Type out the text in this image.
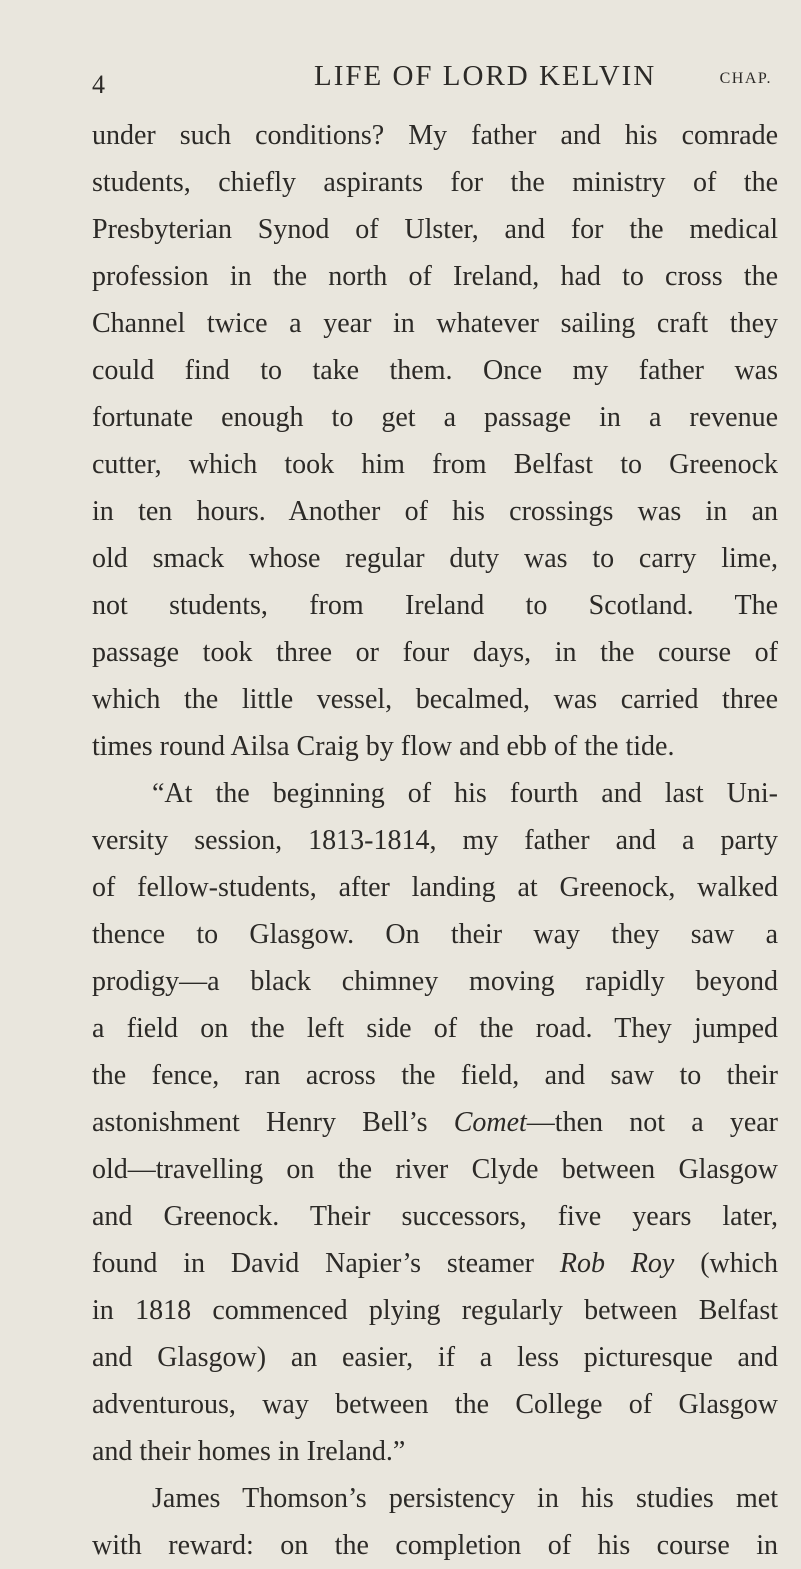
4	LIFE OF LORD KELVIN	CHAP.
under such conditions? My father and his comrade
students, chiefly aspirants for the ministry of the
Presbyterian Synod of Ulster, and for the medical
profession in the north of Ireland, had to cross the
Channel twice a year in whatever sailing craft they
could find to take them. Once my father was
fortunate enough to get a passage in a revenue
cutter, which took him from Belfast to Greenock
in ten hours. Another of his crossings was in an
old smack whose regular duty was to carry lime,
not students, from Ireland to Scotland. The
passage took three or four days, in the course of
which the little vessel, becalmed, was carried three
times round Ailsa Craig by flow and ebb of the tide.
“At the beginning of his fourth and last Uni-
versity session, 1813-1814, my father and a party
of fellow-students, after landing at Greenock, walked
thence to Glasgow. On their way they saw a
prodigy—a black chimney moving rapidly beyond
a field on the left side of the road. They jumped
the fence, ran across the field, and saw to their
astonishment Henry Bell’s Comet—then not a year
old—travelling on the river Clyde between Glasgow
and Greenock. Their successors, five years later,
found in David Napier’s steamer Rob Roy (which
in 1818 commenced plying regularly between Belfast
and Glasgow) an easier, if a less picturesque and
adventurous, way between the College of Glasgow
and their homes in Ireland.”
James Thomson’s persistency in his studies met
with reward: on the completion of his course in
